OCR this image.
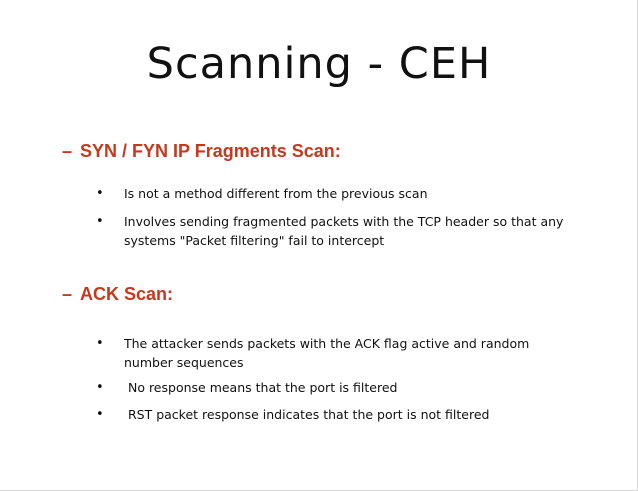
Scanning - CEH
– SYN / FYN IP Fragments Scan:
•	Is not a method different from the previous scan
•	Involves sending fragmented packets with the TCP header so that any systems "Packet filtering" fail to intercept
– ACK Scan:
•	The attacker sends packets with the ACK flag active and random number sequences
•	No response means that the port is filtered
•	RST packet response indicates that the port is not filtered
